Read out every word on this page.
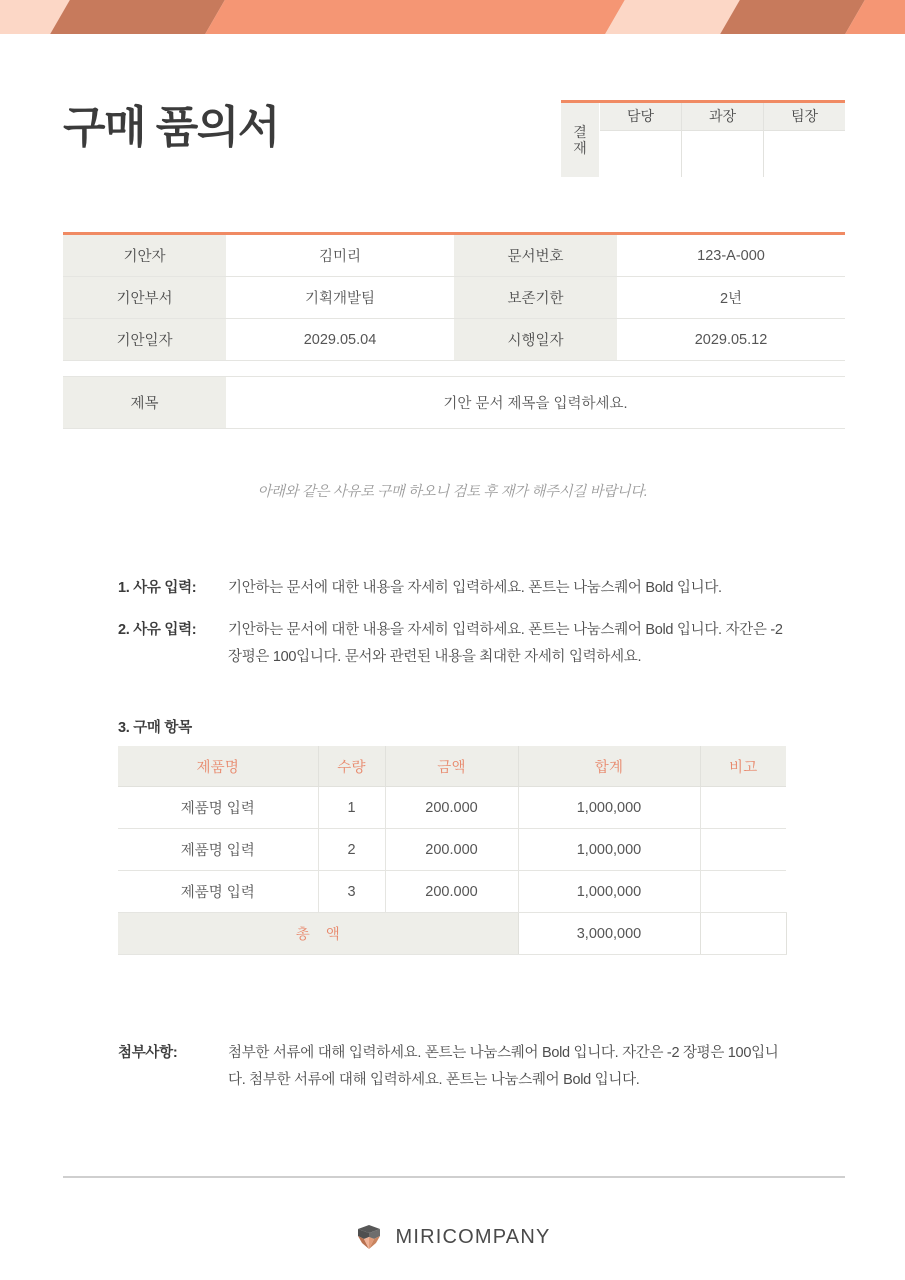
구매 품의서	결
재
담당	과장	팀장
기안자	김미리	문서번호	123-A-000
기안부서	기획개발팀	보존기한	2년
기안일자	2029.05.04	시행일자	2029.05.12
제목	기안 문서 제목을 입력하세요.
아래와 같은 사유로 구매 하오니 검토 후 재가 해주시길 바랍니다.
1. 사유 입력:	기안하는 문서에 대한 내용을 자세히 입력하세요. 폰트는 나눔스퀘어 Bold 입니다.
2. 사유 입력:	기안하는 문서에 대한 내용을 자세히 입력하세요. 폰트는 나눔스퀘어 Bold 입니다. 자간은 -2 장평은 100입니다. 문서와 관련된 내용을 최대한 자세히 입력하세요.
3. 구매 항목
제품명	수량	금액	합계	비고
제품명 입력	1	200.000	1,000,000	
제품명 입력	2	200.000	1,000,000	
제품명 입력	3	200.000	1,000,000	
총 액			3,000,000	
첨부사항:	첨부한 서류에 대해 입력하세요. 폰트는 나눔스퀘어 Bold 입니다. 자간은 -2 장평은 100입니다. 첨부한 서류에 대해 입력하세요. 폰트는 나눔스퀘어 Bold 입니다.
MIRICOMPANY
